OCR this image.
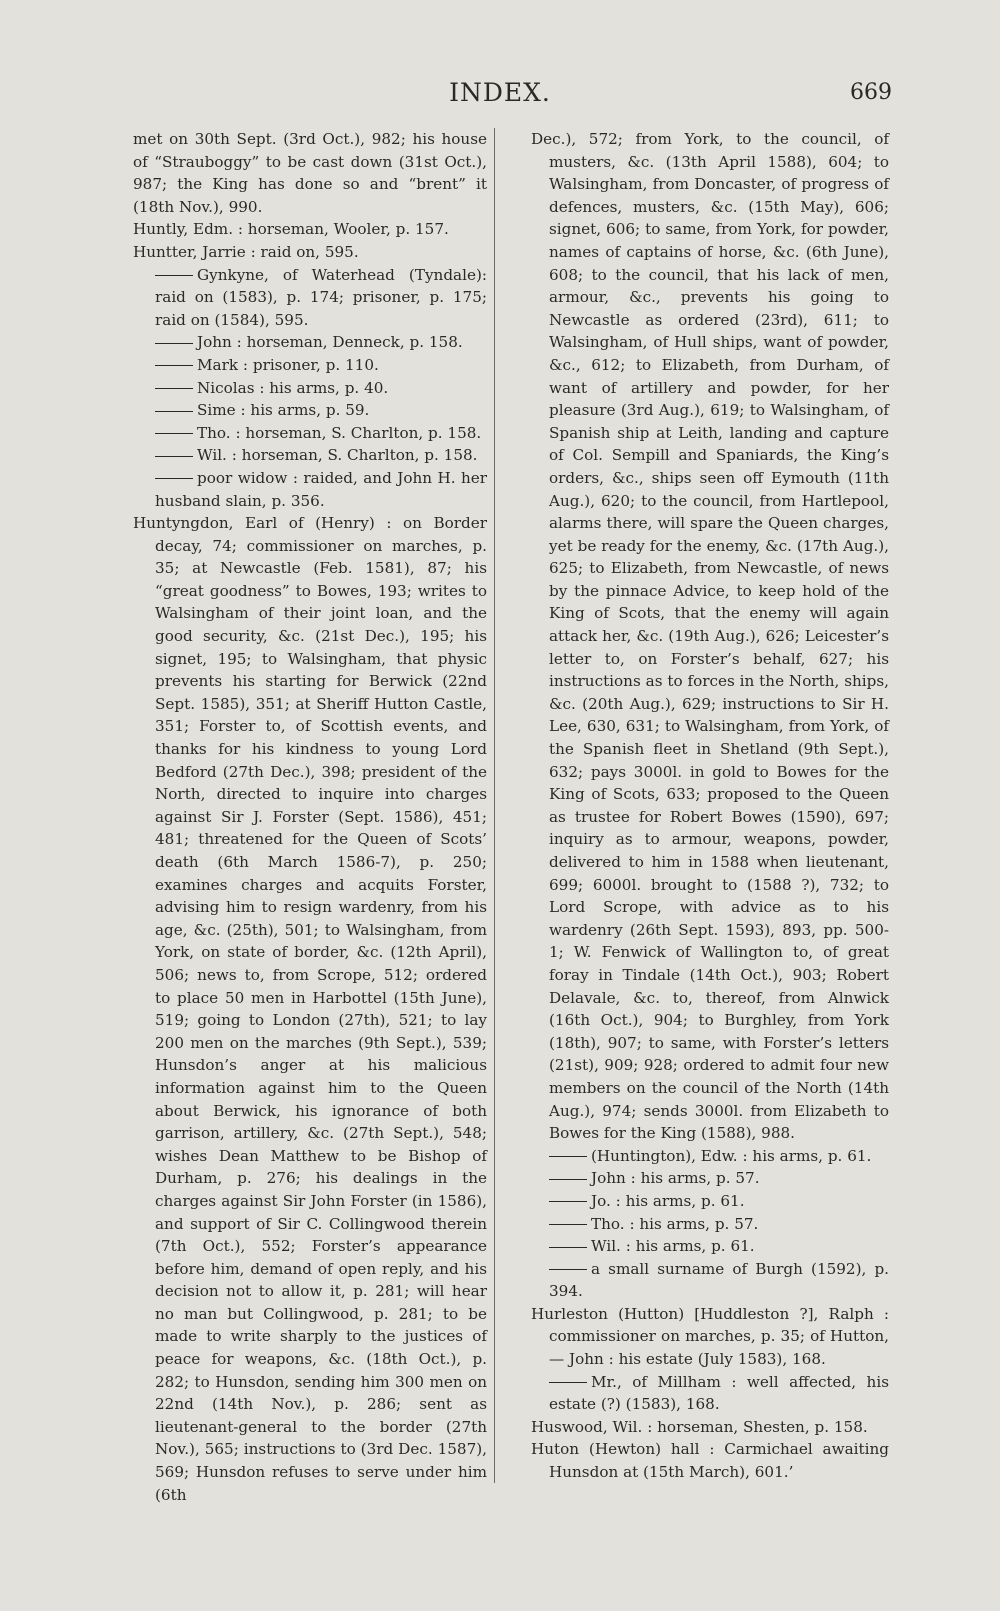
INDEX.	669

met on 30th Sept. (3rd Oct.), 982; his house of “Strauboggy” to be cast down (31st Oct.), 987; the King has done so and “brent” it (18th Nov.), 990.

Huntly, Edm. : horseman, Wooler, p. 157.

Huntter, Jarrie : raid on, 595.

Gynkyne, of Waterhead (Tyndale): raid on (1583), p. 174; prisoner, p. 175; raid on (1584), 595.

John : horseman, Denneck, p. 158.

Mark : prisoner, p. 110.

Nicolas : his arms, p. 40.

Sime : his arms, p. 59.

Tho. : horseman, S. Charlton, p. 158.

Wil. : horseman, S. Charlton, p. 158.

poor widow : raided, and John H. her husband slain, p. 356.

Huntyngdon, Earl of (Henry) : on Border decay, 74; commissioner on marches, p. 35; at Newcastle (Feb. 1581), 87; his “great goodness” to Bowes, 193; writes to Walsingham of their joint loan, and the good security, &c. (21st Dec.), 195; his signet, 195; to Walsingham, that physic prevents his starting for Berwick (22nd Sept. 1585), 351; at Sheriff Hutton Castle, 351; Forster to, of Scottish events, and thanks for his kindness to young Lord Bedford (27th Dec.), 398; president of the North, directed to inquire into charges against Sir J. Forster (Sept. 1586), 451; 481; threatened for the Queen of Scots’ death (6th March 1586-7), p. 250; examines charges and acquits Forster, advising him to resign wardenry, from his age, &c. (25th), 501; to Walsingham, from York, on state of border, &c. (12th April), 506; news to, from Scrope, 512; ordered to place 50 men in Harbottel (15th June), 519; going to London (27th), 521; to lay 200 men on the marches (9th Sept.), 539; Hunsdon’s anger at his malicious information against him to the Queen about Berwick, his ignorance of both garrison, artillery, &c. (27th Sept.), 548; wishes Dean Matthew to be Bishop of Durham, p. 276; his dealings in the charges against Sir John Forster (in 1586), and support of Sir C. Collingwood therein (7th Oct.), 552; Forster’s appearance before him, demand of open reply, and his decision not to allow it, p. 281; will hear no man but Collingwood, p. 281; to be made to write sharply to the justices of peace for weapons, &c. (18th Oct.), p. 282; to Hunsdon, sending him 300 men on 22nd (14th Nov.), p. 286; sent as lieutenant-general to the border (27th Nov.), 565; instructions to (3rd Dec. 1587), 569; Hunsdon refuses to serve under him (6th

Dec.), 572; from York, to the council, of musters, &c. (13th April 1588), 604; to Walsingham, from Doncaster, of progress of defences, musters, &c. (15th May), 606; signet, 606; to same, from York, for powder, names of captains of horse, &c. (6th June), 608; to the council, that his lack of men, armour, &c., prevents his going to Newcastle as ordered (23rd), 611; to Walsingham, of Hull ships, want of powder, &c., 612; to Elizabeth, from Durham, of want of artillery and powder, for her pleasure (3rd Aug.), 619; to Walsingham, of Spanish ship at Leith, landing and capture of Col. Sempill and Spaniards, the King’s orders, &c., ships seen off Eymouth (11th Aug.), 620; to the council, from Hartlepool, alarms there, will spare the Queen charges, yet be ready for the enemy, &c. (17th Aug.), 625; to Elizabeth, from Newcastle, of news by the pinnace Advice, to keep hold of the King of Scots, that the enemy will again attack her, &c. (19th Aug.), 626; Leicester’s letter to, on Forster’s behalf, 627; his instructions as to forces in the North, ships, &c. (20th Aug.), 629; instructions to Sir H. Lee, 630, 631; to Walsingham, from York, of the Spanish fleet in Shetland (9th Sept.), 632; pays 3000l. in gold to Bowes for the King of Scots, 633; proposed to the Queen as trustee for Robert Bowes (1590), 697; inquiry as to armour, weapons, powder, delivered to him in 1588 when lieutenant, 699; 6000l. brought to (1588 ?), 732; to Lord Scrope, with advice as to his wardenry (26th Sept. 1593), 893, pp. 500-1; W. Fenwick of Wallington to, of great foray in Tindale (14th Oct.), 903; Robert Delavale, &c. to, thereof, from Alnwick (16th Oct.), 904; to Burghley, from York (18th), 907; to same, with Forster’s letters (21st), 909; 928; ordered to admit four new members on the council of the North (14th Aug.), 974; sends 3000l. from Elizabeth to Bowes for the King (1588), 988.

(Huntington), Edw. : his arms, p. 61.

John : his arms, p. 57.

Jo. : his arms, p. 61.

Tho. : his arms, p. 57.

Wil. : his arms, p. 61.

a small surname of Burgh (1592), p. 394.

Hurleston (Hutton) [Huddleston ?], Ralph : commissioner on marches, p. 35; of Hutton,— John : his estate (July 1583), 168.

Mr., of Millham : well affected, his estate (?) (1583), 168.

Huswood, Wil. : horseman, Shesten, p. 158.

Huton (Hewton) hall : Carmichael awaiting Hunsdon at (15th March), 601.’
